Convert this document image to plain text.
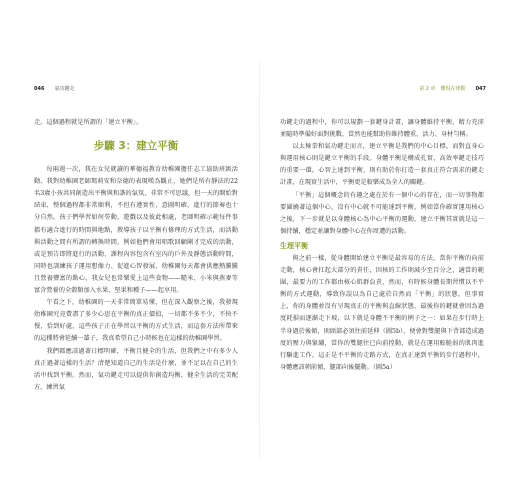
046 氣功鍵走

走，這個過程就是所謂的「建立平衡」。

步驟 3：建立平衡

每兩週一次，我在女兒就讀的華德福教育幼稚園擔任志工協助班級活動。我對幼稚園老師瑪莉安和奈德的表現嘆為觀止，她們是所有靜法的22名3歲小孩共同創造出平衡與和諧的氣氛，非常不可思議，但一天的開始對結束，整個過程都非常順利，不但有遵實性，意圖明確，進行的節奏也十分自然。孩子們學習如何勞動，遊戲以及彼此相處，老師明確示範每件事都有適合進行的時間與地點，教導孩子以平衡有條理的方式生活，而活動與活動之間有所謂的轉換時間，例如他們會用唱歌回顧剛才完成的活動，或是預告即將進行的活動，課程內容包含有室內的戶外及靜態活動時間，同時也訓練孩子運用想像力、促進心智發展，幼稚園每天都會供應熱騰騰且營養豐富的點心，我女兒也常樂愛上這些食物——糙米、小米與燕麥等富含營養的全穀類加入水果、堅果和種子——起享用。

午看之下，幼稚園的一天非常簡單易懂，但在深入觀察之後，我發現幼稚園究竟費盡了多少心思在平衡的真正價值，一切都不多不少，不快不慢，恰到好處，這些孩子正在學習以平衡的方式生活，而這套方法所帶來的這種將會延續一輩子，我真希望自己小時候也在這樣的幼稚園學習。

我們都應該過著日標明確，平衡且健全的生活，但我們之中有多少人真正過著這樣的生活？清楚知道自己的生活是什麼，並不足以在自己的生活中找到平衡。然而，氣功鍵走可以提供你創造均衡、健全生活的完美配方，練習氣

第 2 章　體現在律動 047

功鍵走的過程中，你可以規劃一套鍵身計畫，讓身體維持平衡，精力充沛並隨時準備好面對挑戰，當然也能幫助你維持體重，活力、身材勻稱。

以太極拳和氣功鍵走而言，建立平衡是我們的中心目標，而對直身心與運用核心則是鍵立平衡的手段。身體平衡是構成孔實、高效率鍵走技巧的重要一環，心智上達到平衡，則有助於你打造一套真正符合需求的鍵走計畫，在現實生活中，平衡更是較樂成為全人的關鍵。

「平衡」這個概念的有趣之處在於有一個中心的存在，而一切事物都要圍繞著這個中心，沒有中心就不可能達到平衡，例如當你確實運用核心之後，下一步就是以身體核心為中心平衡的運動，建立平衡其實就是這一個持續，穩定並讓對身體中心在你周遭的活動。

生理平衡

與之前一樣，從身體開始建立平衡是最容易的方法，當你平衡的向前走動，核心會扛起大部分的責任，因核的工作則減少至百分之，適當的範圍，最要力的工作都由核心肌群負責，然而，有時候身體長期習慣以不平衡的方式運動，導致你誤以為自己處於自然而「平衡」的狀態，但事實上，你的身體並沒有呈現真正的平衡與直線狀態，最後你的鍵就會因為過度耗損而逐漸走下坡，以下就是身體不平衡的例子之一：如果在步行時上半身過於後傾，則頭部必須往前延伸（圖5b），便會對雙腿與下背部造成過度的壓力與緊繃，當你的雙腿往已向前控動，就是在運用較脆弱的肌肉進行驅進工作，這正是不平衡的走路方式，在真正達到平衡的步行過程中，身體應該朝前傾，腿部向後擺動。（圖5a）
